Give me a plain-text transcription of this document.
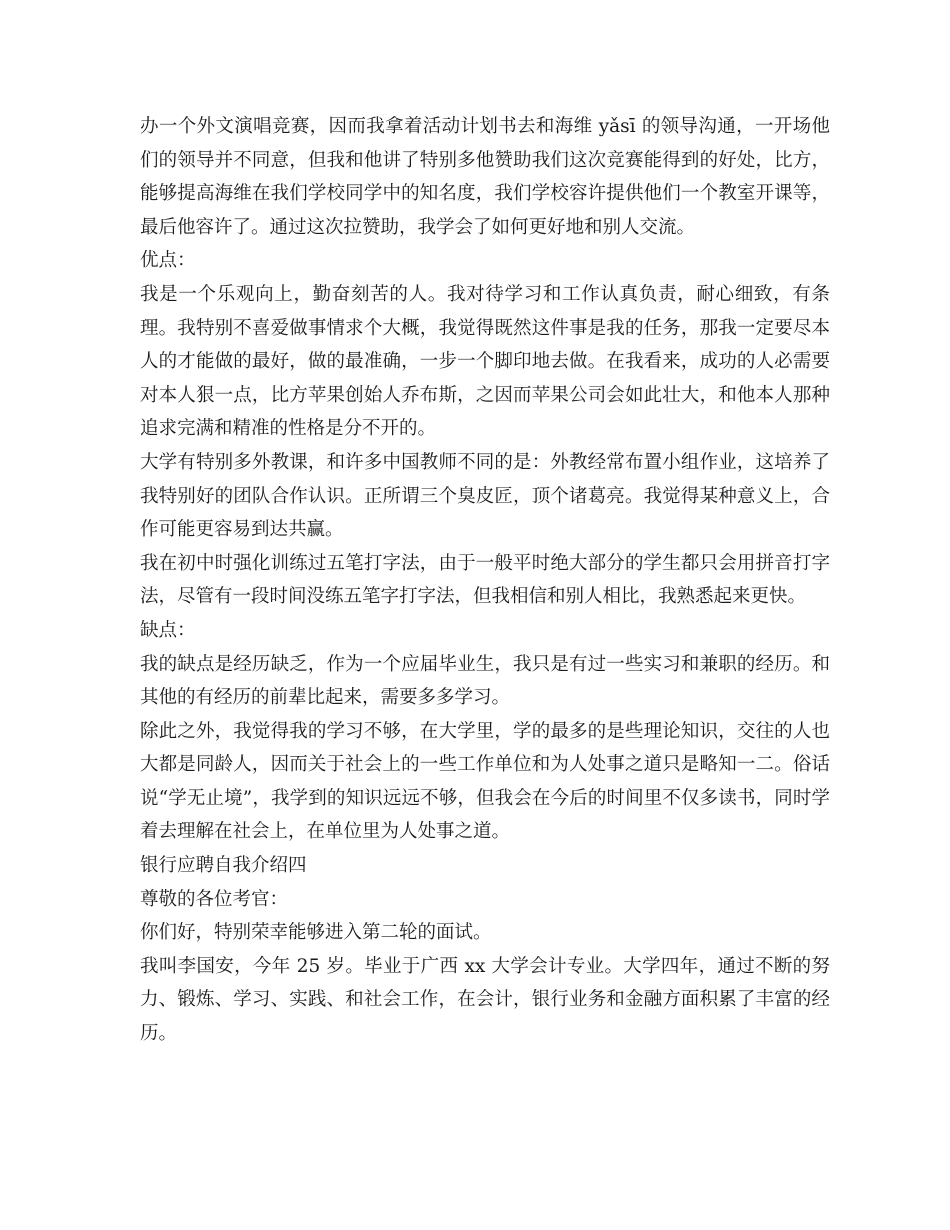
办一个外文演唱竞赛，因而我拿着活动计划书去和海维 yǎsī 的领导沟通，一开场他们的领导并不同意，但我和他讲了特别多他赞助我们这次竞赛能得到的好处，比方，能够提高海维在我们学校同学中的知名度，我们学校容许提供他们一个教室开课等，最后他容许了。通过这次拉赞助，我学会了如何更好地和别人交流。

优点：

我是一个乐观向上，勤奋刻苦的人。我对待学习和工作认真负责，耐心细致，有条理。我特别不喜爱做事情求个大概，我觉得既然这件事是我的任务，那我一定要尽本人的才能做的最好，做的最准确，一步一个脚印地去做。在我看来，成功的人必需要对本人狠一点，比方苹果创始人乔布斯，之因而苹果公司会如此壮大，和他本人那种追求完满和精准的性格是分不开的。

大学有特别多外教课，和许多中国教师不同的是：外教经常布置小组作业，这培养了我特别好的团队合作认识。正所谓三个臭皮匠，顶个诸葛亮。我觉得某种意义上，合作可能更容易到达共赢。

我在初中时强化训练过五笔打字法，由于一般平时绝大部分的学生都只会用拼音打字法，尽管有一段时间没练五笔字打字法，但我相信和别人相比，我熟悉起来更快。

缺点：

我的缺点是经历缺乏，作为一个应届毕业生，我只是有过一些实习和兼职的经历。和其他的有经历的前辈比起来，需要多多学习。

除此之外，我觉得我的学习不够，在大学里，学的最多的是些理论知识，交往的人也大都是同龄人，因而关于社会上的一些工作单位和为人处事之道只是略知一二。俗话说“学无止境”，我学到的知识远远不够，但我会在今后的时间里不仅多读书，同时学着去理解在社会上，在单位里为人处事之道。

银行应聘自我介绍四

尊敬的各位考官：

你们好，特别荣幸能够进入第二轮的面试。

我叫李国安，今年 25 岁。毕业于广西 xx 大学会计专业。大学四年，通过不断的努力、锻炼、学习、实践、和社会工作，在会计，银行业务和金融方面积累了丰富的经历。
